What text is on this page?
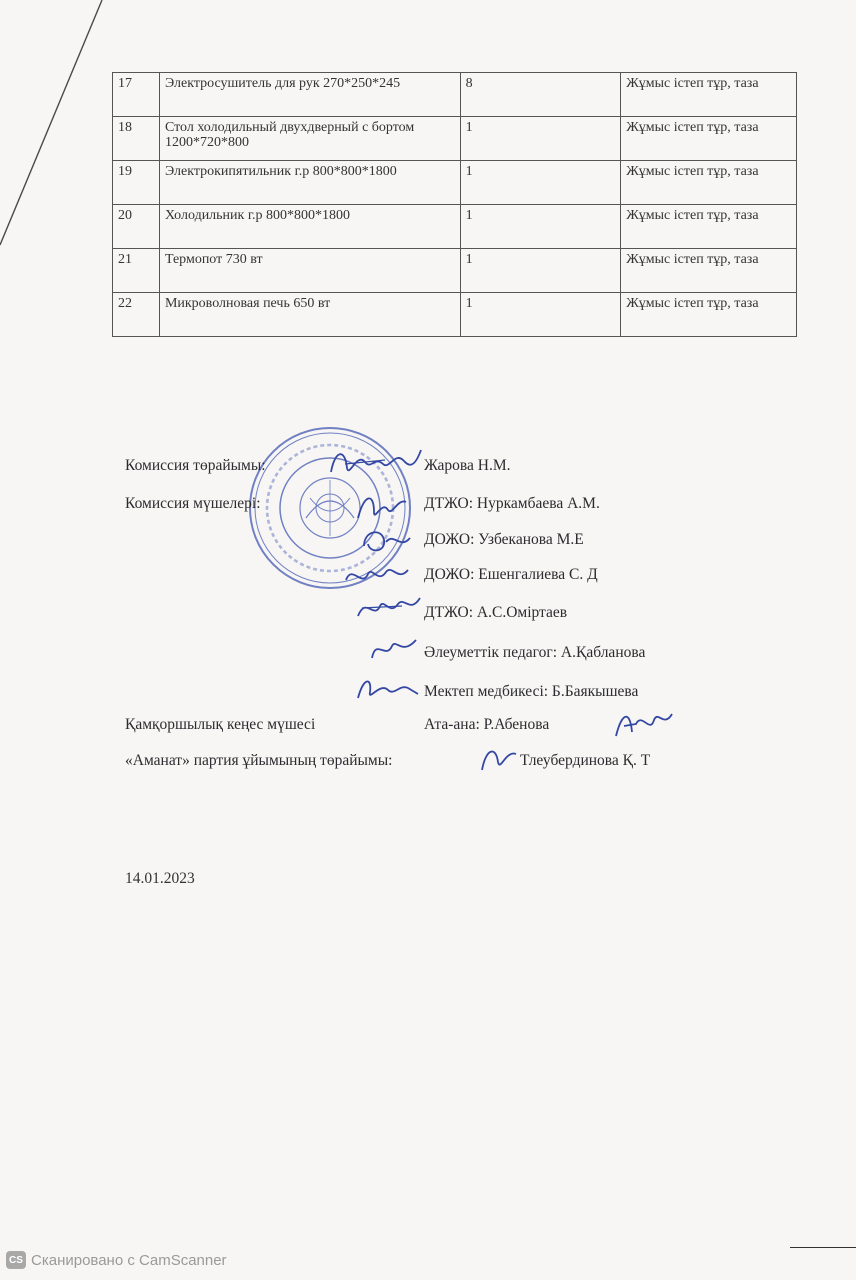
17	Электросушитель для рук 270*250*245	8	Жұмыс істеп тұр, таза
18	Стол холодильный двухдверный с бортом 1200*720*800	1	Жұмыс істеп тұр, таза
19	Электрокипятильник г.р 800*800*1800	1	Жұмыс істеп тұр, таза
20	Холодильник г.р 800*800*1800	1	Жұмыс істеп тұр, таза
21	Термопот 730 вт	1	Жұмыс істеп тұр, таза
22	Микроволновая печь 650 вт	1	Жұмыс істеп тұр, таза
Комиссия төрайымы:	Жарова Н.М.
Комиссия мүшелері:	ДТЖО: Нуркамбаева А.М.
ДОЖО: Узбеканова М.Е
ДОЖО: Ешенгалиева С. Д
ДТЖО: А.С.Оміртаев
Әлеуметтік педагог: А.Қабланова
Мектеп медбикесі: Б.Баякышева
Қамқоршылық кеңес мүшесі	Ата-ана: Р.Абенова
«Аманат» партия ұйымының төрайымы:	Тлеубердинова Қ. Т
14.01.2023
CS Сканировано с CamScanner
